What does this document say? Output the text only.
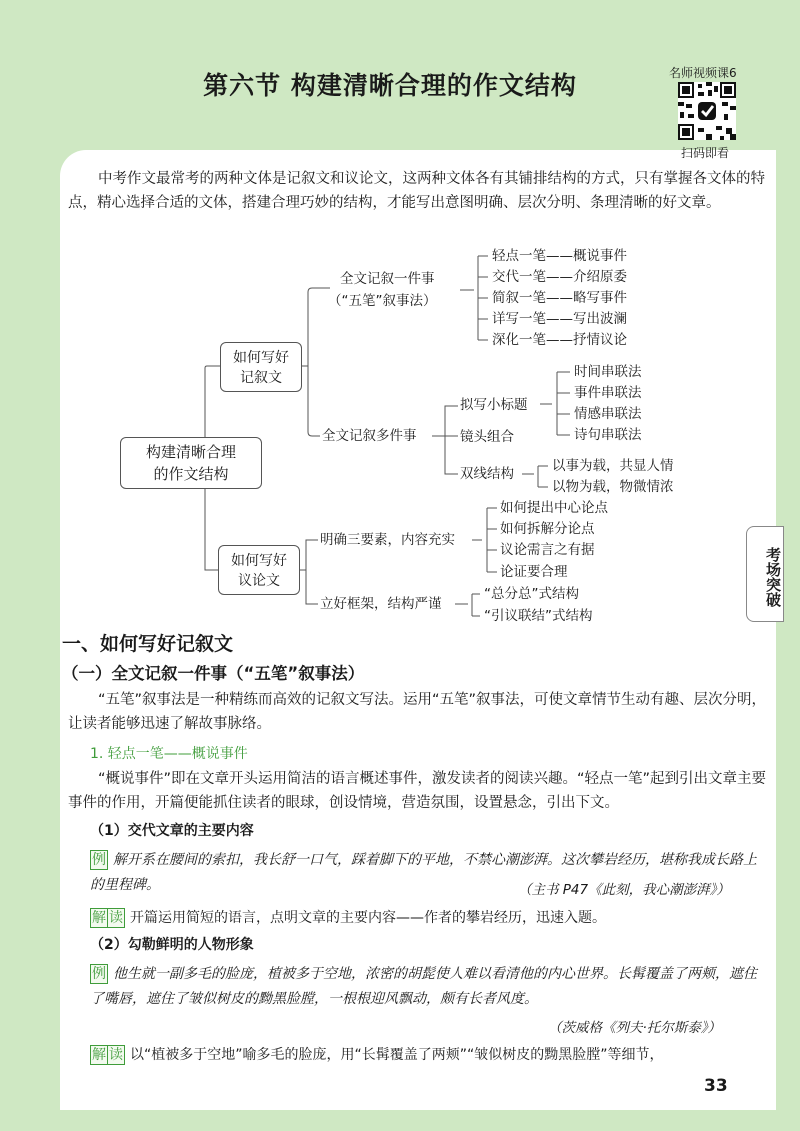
第六节 构建清晰合理的作文结构	名师视频课6
扫码即看
中考作文最常考的两种文体是记叙文和议论文，这两种文体各有其铺排结构的方式，只有掌握各文体的特点，精心选择合适的文体，搭建合理巧妙的结构，才能写出意图明确、层次分明、条理清晰的好文章。
构建清晰合理
的作文结构
如何写好
记叙文
如何写好
议论文
全文记叙一件事
（“五笔”叙事法）
轻点一笔——概说事件
交代一笔——介绍原委
简叙一笔——略写事件
详写一笔——写出波澜
深化一笔——抒情议论
全文记叙多件事
拟写小标题
时间串联法
事件串联法
情感串联法
诗句串联法
镜头组合
双线结构	以事为载，共显人情
以物为载，物微情浓
明确三要素，内容充实
如何提出中心论点
如何拆解分论点
议论需言之有据
论证要合理
立好框架，结构严谨
“总分总”式结构
“引议联结”式结构
考场突破
一、如何写好记叙文
（一）全文记叙一件事（“五笔”叙事法）
“五笔”叙事法是一种精练而高效的记叙文写法。运用“五笔”叙事法，可使文章情节生动有趣、层次分明，让读者能够迅速了解故事脉络。
1. 轻点一笔——概说事件
“概说事件”即在文章开头运用简洁的语言概述事件，激发读者的阅读兴趣。“轻点一笔”起到引出文章主要事件的作用，开篇便能抓住读者的眼球，创设情境，营造氛围，设置悬念，引出下文。
（1）交代文章的主要内容
例 解开系在腰间的索扣，我长舒一口气，踩着脚下的平地，不禁心潮澎湃。这次攀岩经历，堪称我成长路上的里程碑。	（主书 P47《此刻，我心潮澎湃》）
解 读 开篇运用简短的语言，点明文章的主要内容——作者的攀岩经历，迅速入题。
（2）勾勒鲜明的人物形象
例 他生就一副多毛的脸庞，植被多于空地，浓密的胡髭使人难以看清他的内心世界。长髯覆盖了两颊，遮住了嘴唇，遮住了皱似树皮的黝黑脸膛，一根根迎风飘动，颇有长者风度。
（茨威格《列夫·托尔斯泰》）
解 读 以“植被多于空地”喻多毛的脸庞，用“长髯覆盖了两颊”“皱似树皮的黝黑脸膛”等细节，
33
